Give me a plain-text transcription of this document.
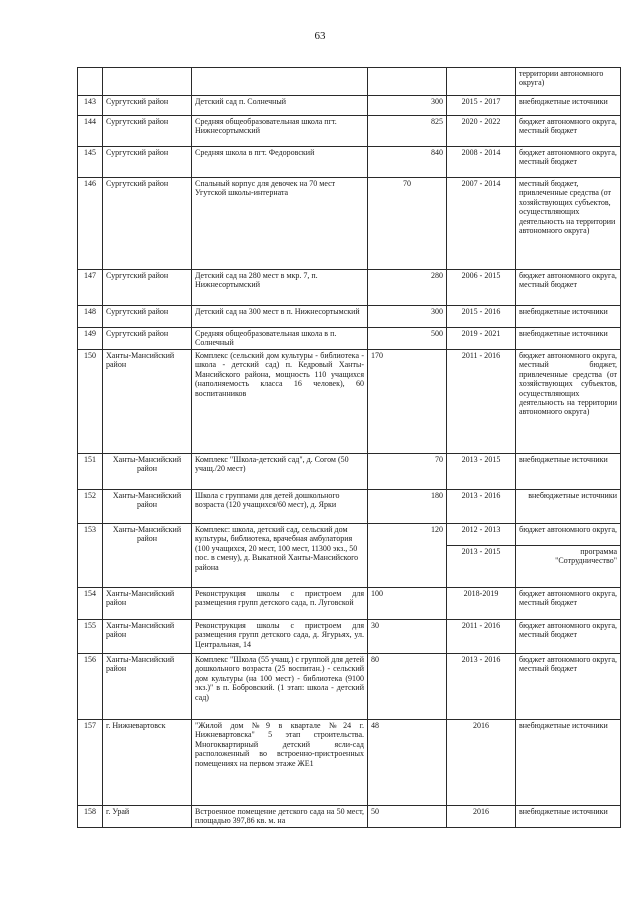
63
					территории автономного округа)
143	Сургутский район	Детский сад п. Солнечный	300	2015 - 2017	внебюджетные источники
144	Сургутский район	Средняя общеобразовательная школа пгт. Нижнесортымский	825	2020 - 2022	бюджет автономного округа, местный бюджет
145	Сургутский район	Средняя школа в пгт. Федоровский	840	2008 - 2014	бюджет автономного округа, местный бюджет
146	Сургутский район	Спальный корпус для девочек на 70 мест Угутской школы-интерната	70	2007 - 2014	местный бюджет, привлеченные средства (от хозяйствующих субъектов, осуществляющих деятельность на территории автономного округа)
147	Сургутский район	Детский сад на 280 мест в мкр. 7, п. Нижнесортымский	280	2006 - 2015	бюджет автономного округа, местный бюджет
148	Сургутский район	Детский сад на 300 мест в п. Нижнесортымский	300	2015 - 2016	внебюджетные источники
149	Сургутский район	Средняя общеобразовательная школа в п. Солнечный	500	2019 - 2021	внебюджетные источники
150	Ханты-Мансийский район	Комплекс (сельский дом культуры - библиотека - школа - детский сад) п. Кедровый Ханты-Мансийского района, мощность 110 учащихся (наполняемость класса 16 человек), 60 воспитанников	170	2011 - 2016	бюджет автономного округа, местный бюджет, привлеченные средства (от хозяйствующих субъектов, осуществляющих деятельность на территории автономного округа)
151	Ханты-Мансийский район	Комплекс "Школа-детский сад", д. Согом (50 учащ./20 мест)	70	2013 - 2015	внебюджетные источники
152	Ханты-Мансийский район	Школа с группами для детей дошкольного возраста (120 учащихся/60 мест), д. Ярки	180	2013 - 2016	внебюджетные источники
153	Ханты-Мансийский район	Комплекс: школа, детский сад, сельский дом культуры, библиотека, врачебная амбулатория (100 учащихся, 20 мест, 100 мест, 11300 экз., 50 пос. в смену), д. Выкатной Ханты-Мансийского района	120	2012 - 2013	бюджет автономного округа,
				2013 - 2015	программа "Сотрудничество"
154	Ханты-Мансийский район	Реконструкция школы с пристроем для размещения групп детского сада, п. Луговской	100	2018-2019	бюджет автономного округа, местный бюджет
155	Ханты-Мансийский район	Реконструкция школы с пристроем для размещения групп детского сада, д. Ягурьях, ул. Центральная, 14	30	2011 - 2016	бюджет автономного округа, местный бюджет
156	Ханты-Мансийский район	Комплекс "Школа (55 учащ.) с группой для детей дошкольного возраста (25 воспитан.) - сельский дом культуры (на 100 мест) - библиотека (9100 экз.)" в п. Бобровский. (1 этап: школа - детский сад)	80	2013 - 2016	бюджет автономного округа, местный бюджет
157	г. Нижневартовск	"Жилой дом №9 в квартале №24 г. Нижневартовска" 5 этап строительства. Многоквартирный детский ясли-сад расположенный во встроенно-пристроенных помещениях на первом этаже ЖЕ1	48	2016	внебюджетные источники
158	г. Урай	Встроенное помещение детского сада на 50 мест, площадью 397,86 кв. м. на	50	2016	внебюджетные источники
